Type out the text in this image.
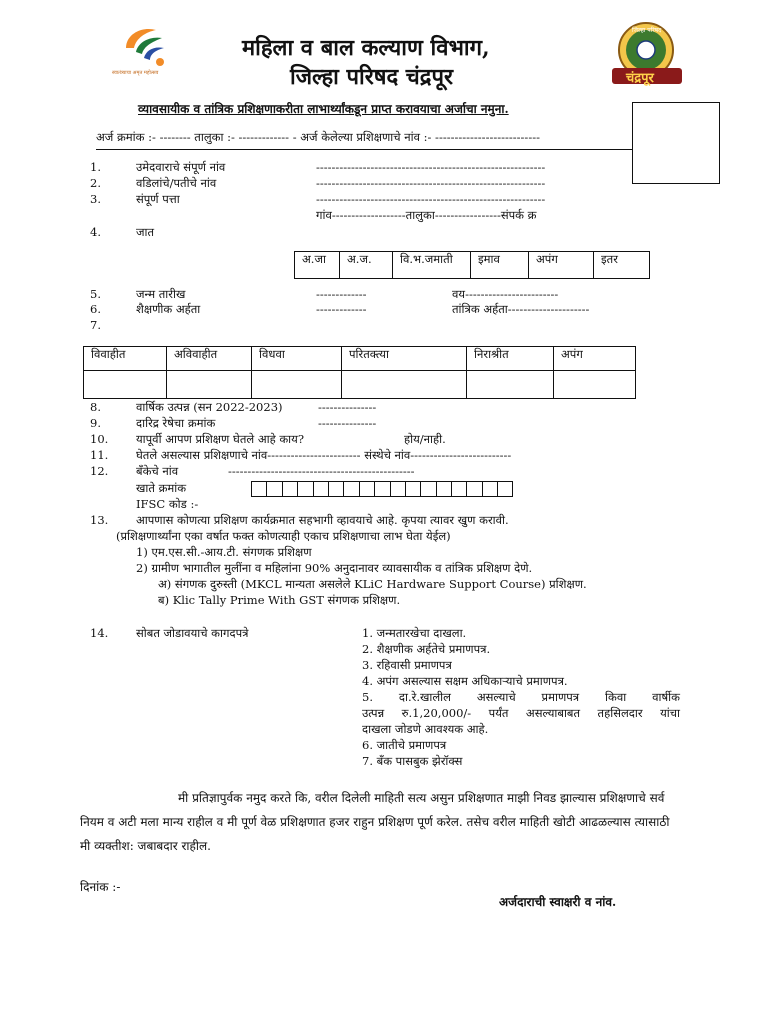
स्वातंत्र्याचा अमृत महोत्सव
महिला व बाल कल्याण विभाग,
जिल्हा परिषद चंद्रपूर
जिल्हा परिषद
चंद्रपूर
व्यावसायीक व तांत्रिक प्रशिक्षणाकरीता लाभार्थ्यांकडून प्राप्त करावयाचा अर्जाचा नमुना.
अर्ज क्रमांक :- -------- तालुका :- ------------- - अर्ज केलेल्या प्रशिक्षणाचे नांव :- ---------------------------
1.	उमेदवाराचे संपूर्ण नांव	-----------------------------------------------------------
2.	वडिलांचे/पतीचे नांव	-----------------------------------------------------------
3.	संपूर्ण पत्ता	-----------------------------------------------------------
गांव-------------------तालुका-----------------संपर्क क्र
4.	जात
अ.जा	अ.ज.	वि.भ.जमाती	इमाव	अपंग	इतर
5.	जन्म तारीख	-------------	वय------------------------
6.	शैक्षणीक अर्हता	-------------	तांत्रिक अर्हता---------------------
7.
विवाहीत	अविवाहीत	विधवा	परितक्त्या	निराश्रीत	अपंग

8.	वार्षिक उत्पन्न (सन 2022-2023)	---------------
9.	दारिद्र रेषेचा क्रमांक	---------------
10. यापूर्वी आपण प्रशिक्षण घेतले आहे काय?	होय/नाही.
11. घेतले असल्यास प्रशिक्षणाचे नांव------------------------ संस्थेचे नांव--------------------------
12. बँकेचे नांव	------------------------------------------------
खाते क्रमांक
IFSC कोड :-
13. आपणास कोणत्या प्रशिक्षण कार्यक्रमात सहभागी व्हावयाचे आहे. कृपया त्यावर खुण करावी.
(प्रशिक्षणार्थ्यांना एका वर्षात फक्त कोणत्याही एकाच प्रशिक्षणाचा लाभ घेता येईल)
1) एम.एस.सी.-आय.टी. संगणक प्रशिक्षण
2) ग्रामीण भागातील मुलींना व महिलांना 90% अनुदानावर व्यावसायीक व तांत्रिक प्रशिक्षण देणे.
अ) संगणक दुरुस्ती (MKCL मान्यता असलेले KLiC Hardware Support Course) प्रशिक्षण.
ब) Klic Tally Prime With GST संगणक प्रशिक्षण.
14. सोबत जोडावयाचे कागदपत्रे	1. जन्मतारखेचा दाखला.
2. शैक्षणीक अर्हतेचे प्रमाणपत्र.
3. रहिवासी प्रमाणपत्र
4. अपंग असल्यास सक्षम अधिकाऱ्याचे प्रमाणपत्र.
5. दा.रे.खालील असल्याचे प्रमाणपत्र किवा वार्षीक
उत्पन्न रु.1,20,000/- पर्यंत असल्याबाबत तहसिलदार यांचा
दाखला जोडणे आवश्यक आहे.
6. जातीचे प्रमाणपत्र
7. बँक पासबुक झेरॉक्स
मी प्रतिज्ञापुर्वक नमुद करते कि, वरील दिलेली माहिती सत्य असुन प्रशिक्षणात माझी निवड झाल्यास प्रशिक्षणाचे सर्व नियम व अटी मला मान्य राहील व मी पूर्ण वेळ प्रशिक्षणात हजर राहुन प्रशिक्षण पूर्ण करेल. तसेच वरील माहिती खोटी आढळल्यास त्यासाठी मी व्यक्तीश: जबाबदार राहील.
दिनांक :-
अर्जदाराची स्वाक्षरी व नांव.
